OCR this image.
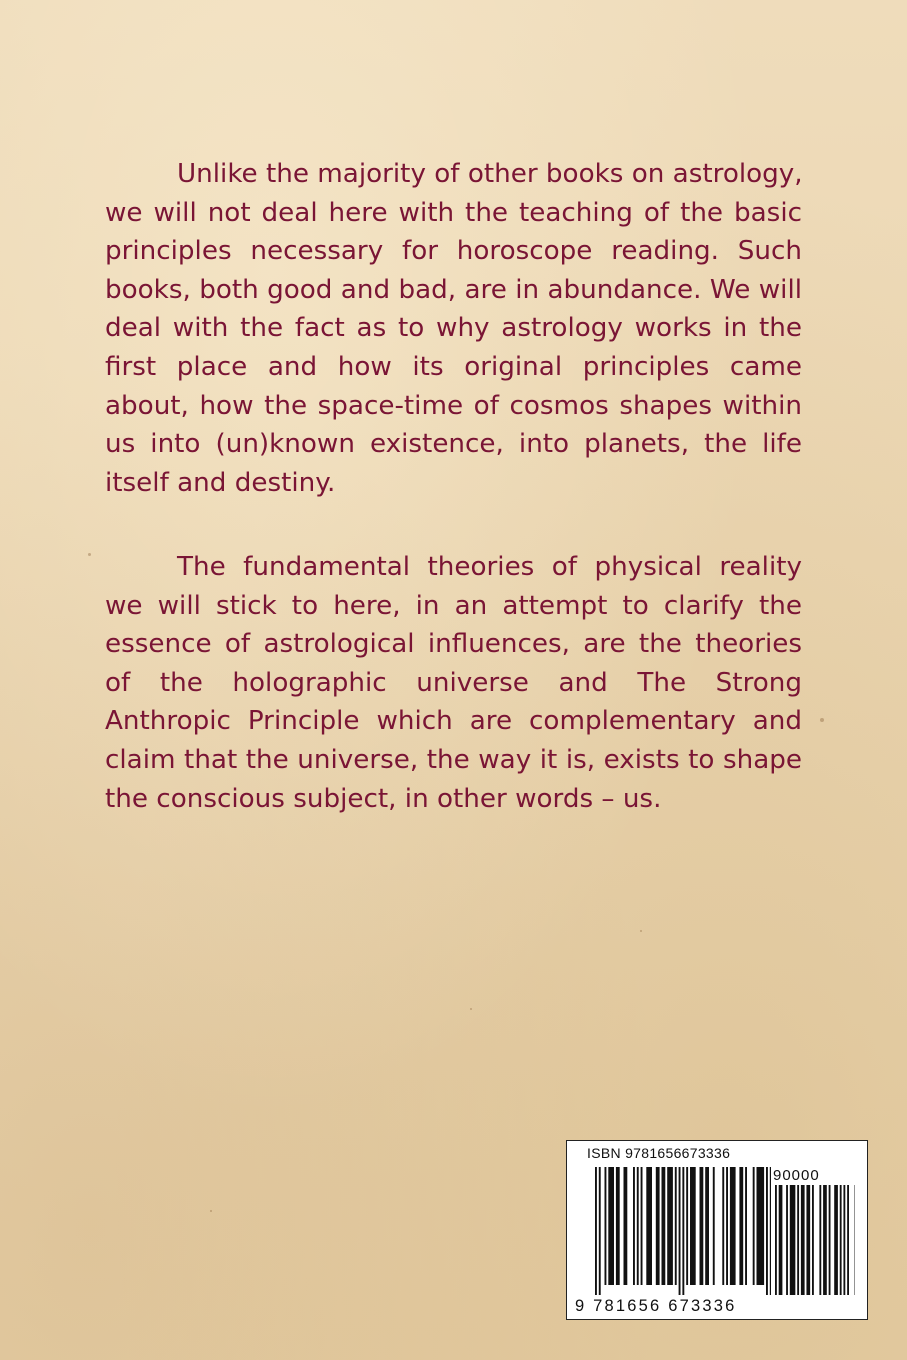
Unlike the majority of other books on astrology,
we will not deal here with the teaching of the basic
principles necessary for horoscope reading. Such
books, both good and bad, are in abundance. We will
deal with the fact as to why astrology works in the
first place and how its original principles came
about, how the space-time of cosmos shapes within
us into (un)known existence, into planets, the life
itself and destiny.
The fundamental theories of physical reality
we will stick to here, in an attempt to clarify the
essence of astrological influences, are the theories
of the holographic universe and The Strong
Anthropic Principle which are complementary and
claim that the universe, the way it is, exists to shape
the conscious subject, in other words – us.
ISBN 9781656673336
90000
9 781656 673336
